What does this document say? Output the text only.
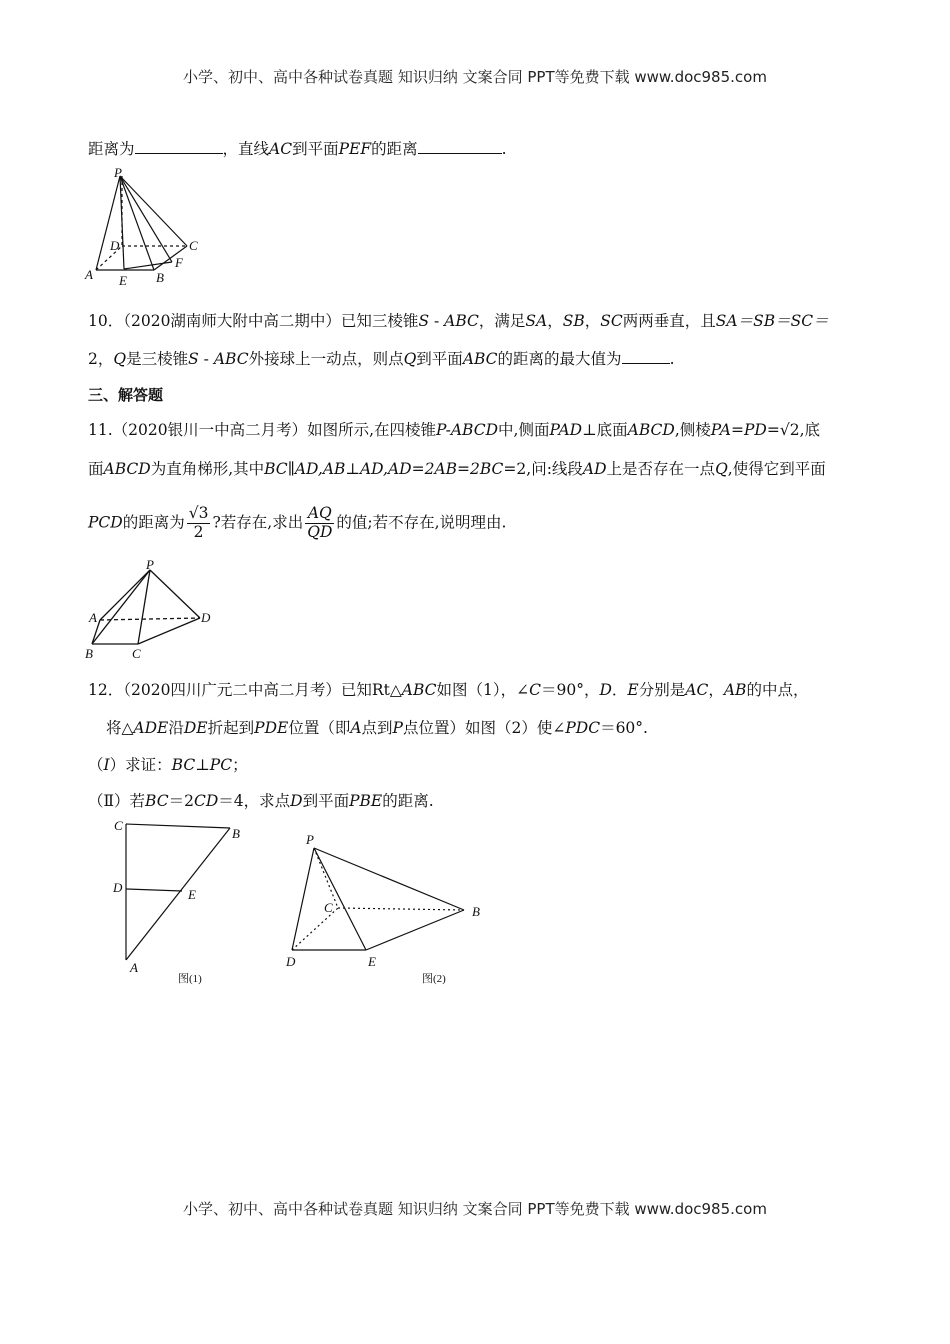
小学、初中、高中各种试卷真题 知识归纳 文案合同 PPT等免费下载 www.doc985.com
距离为	，直线AC到平面PEF的距离	.
P
D	C
F
A E B
10．（2020湖南师大附中高二期中）已知三棱锥S - ABC，满足SA，SB，SC两两垂直，且SA＝SB＝SC＝
2，Q是三棱锥S - ABC外接球上一动点，则点Q到平面ABC的距离的最大值为	.
三、解答题
11.（2020银川一中高二月考）如图所示,在四棱锥P-ABCD中,侧面PAD⊥底面ABCD,侧棱PA=PD=√2,底
面ABCD为直角梯形,其中BC∥AD,AB⊥AD,AD=2AB=2BC=2,问:线段AD上是否存在一点Q,使得它到平面
PCD的距离为 $\frac{√3}{2}$ ?若存在,求出 $\frac{AQ}{QD}$ 的值;若不存在,说明理由.
P
A	D
B	C
12．（2020四川广元二中高二月考）已知Rt△ABC如图（1），∠C＝90°，D．E分别是AC，AB的中点，
将△ADE沿DE折起到PDE位置（即A点到P点位置）如图（2）使∠PDC＝60°.
（I）求证：BC⊥PC；
（Ⅱ）若BC＝2CD＝4，求点D到平面PBE的距离.
C
B
D	E
A
图(1)
P
C	B
D	E
图(2)
小学、初中、高中各种试卷真题 知识归纳 文案合同 PPT等免费下载 www.doc985.com
